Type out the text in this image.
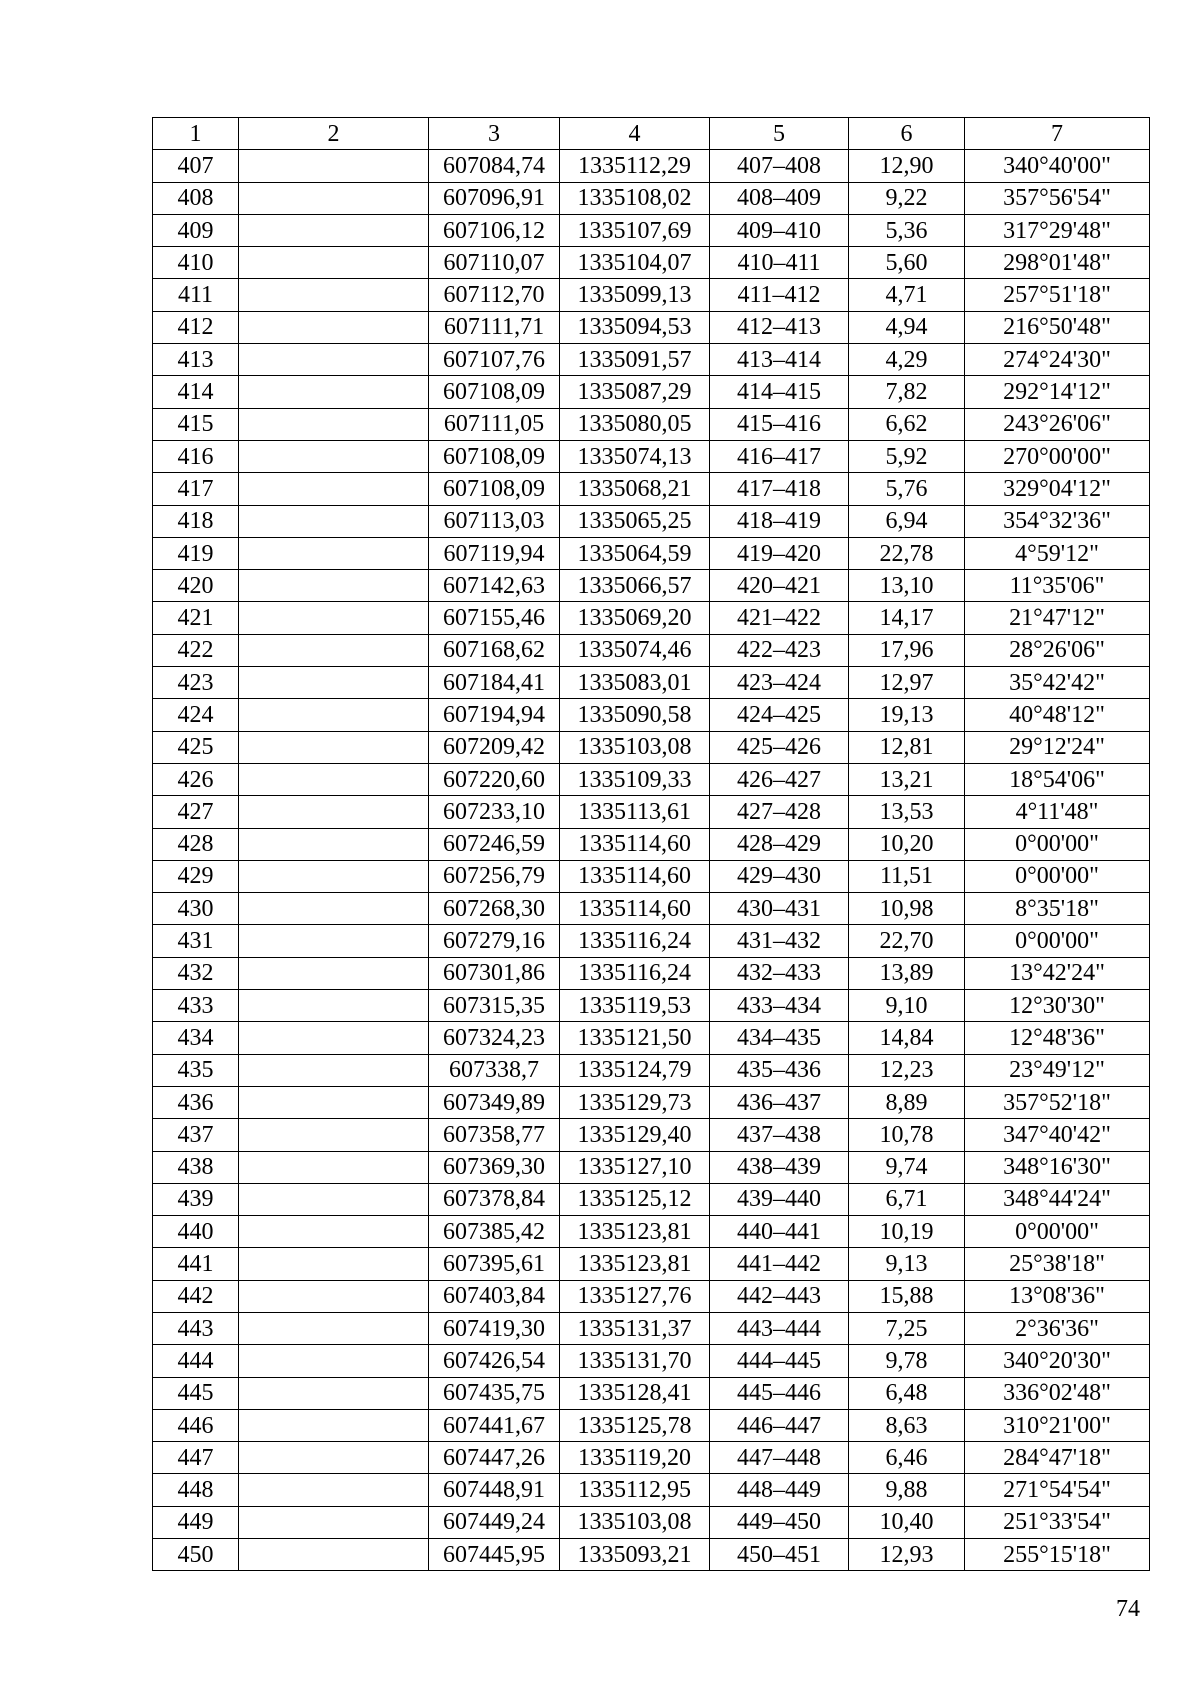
1	2	3	4	5	6	7
407		607084,74	1335112,29	407–408	12,90	340°40'00"
408		607096,91	1335108,02	408–409	9,22	357°56'54"
409		607106,12	1335107,69	409–410	5,36	317°29'48"
410		607110,07	1335104,07	410–411	5,60	298°01'48"
411		607112,70	1335099,13	411–412	4,71	257°51'18"
412		607111,71	1335094,53	412–413	4,94	216°50'48"
413		607107,76	1335091,57	413–414	4,29	274°24'30"
414		607108,09	1335087,29	414–415	7,82	292°14'12"
415		607111,05	1335080,05	415–416	6,62	243°26'06"
416		607108,09	1335074,13	416–417	5,92	270°00'00"
417		607108,09	1335068,21	417–418	5,76	329°04'12"
418		607113,03	1335065,25	418–419	6,94	354°32'36"
419		607119,94	1335064,59	419–420	22,78	4°59'12"
420		607142,63	1335066,57	420–421	13,10	11°35'06"
421		607155,46	1335069,20	421–422	14,17	21°47'12"
422		607168,62	1335074,46	422–423	17,96	28°26'06"
423		607184,41	1335083,01	423–424	12,97	35°42'42"
424		607194,94	1335090,58	424–425	19,13	40°48'12"
425		607209,42	1335103,08	425–426	12,81	29°12'24"
426		607220,60	1335109,33	426–427	13,21	18°54'06"
427		607233,10	1335113,61	427–428	13,53	4°11'48"
428		607246,59	1335114,60	428–429	10,20	0°00'00"
429		607256,79	1335114,60	429–430	11,51	0°00'00"
430		607268,30	1335114,60	430–431	10,98	8°35'18"
431		607279,16	1335116,24	431–432	22,70	0°00'00"
432		607301,86	1335116,24	432–433	13,89	13°42'24"
433		607315,35	1335119,53	433–434	9,10	12°30'30"
434		607324,23	1335121,50	434–435	14,84	12°48'36"
435		607338,7	1335124,79	435–436	12,23	23°49'12"
436		607349,89	1335129,73	436–437	8,89	357°52'18"
437		607358,77	1335129,40	437–438	10,78	347°40'42"
438		607369,30	1335127,10	438–439	9,74	348°16'30"
439		607378,84	1335125,12	439–440	6,71	348°44'24"
440		607385,42	1335123,81	440–441	10,19	0°00'00"
441		607395,61	1335123,81	441–442	9,13	25°38'18"
442		607403,84	1335127,76	442–443	15,88	13°08'36"
443		607419,30	1335131,37	443–444	7,25	2°36'36"
444		607426,54	1335131,70	444–445	9,78	340°20'30"
445		607435,75	1335128,41	445–446	6,48	336°02'48"
446		607441,67	1335125,78	446–447	8,63	310°21'00"
447		607447,26	1335119,20	447–448	6,46	284°47'18"
448		607448,91	1335112,95	448–449	9,88	271°54'54"
449		607449,24	1335103,08	449–450	10,40	251°33'54"
450		607445,95	1335093,21	450–451	12,93	255°15'18"
74
